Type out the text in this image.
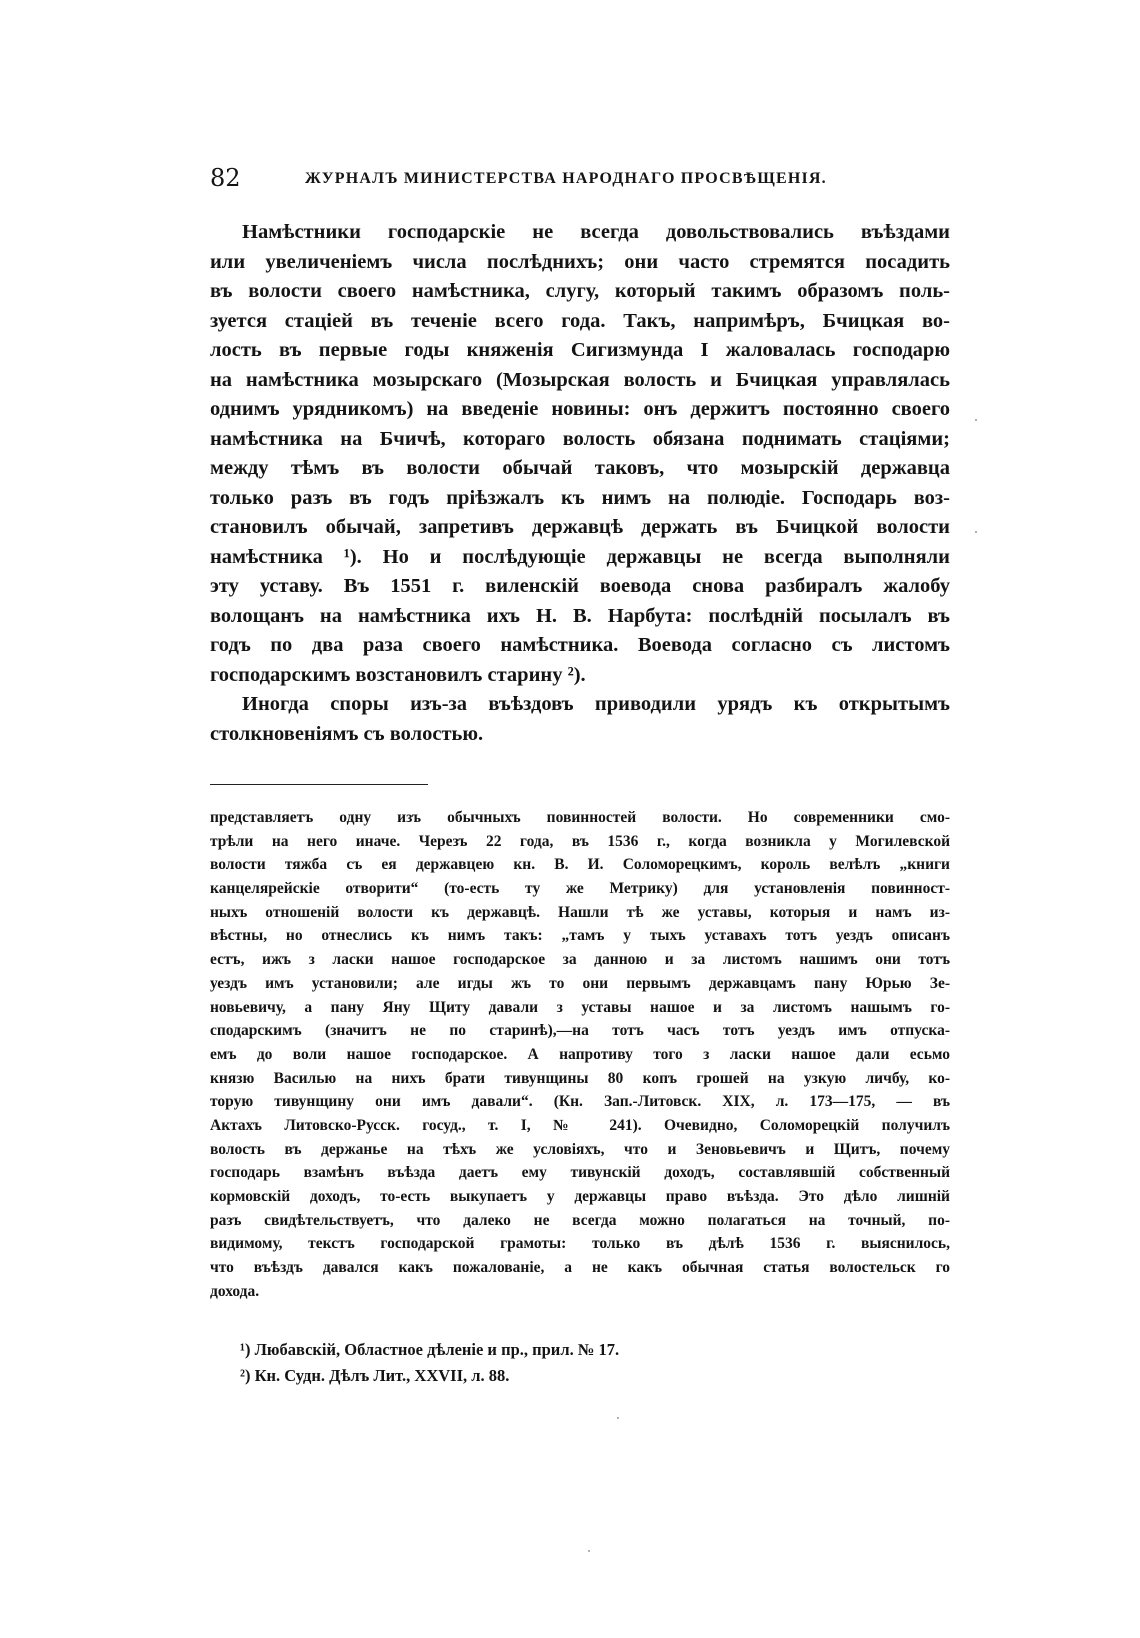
82	ЖУРНАЛЪ МИНИСТЕРСТВА НАРОДНАГО ПРОСВѢЩЕНІЯ.
Намѣстники господарскіе не всегда довольствовались въѣздами
или увеличеніемъ числа послѣднихъ; они часто стремятся посадить
въ волости своего намѣстника, слугу, который такимъ образомъ поль-
зуется стаціей въ теченіе всего года. Такъ, напримѣръ, Бчицкая во-
лость въ первые годы княженія Сигизмунда I жаловалась господарю
на намѣстника мозырскаго (Мозырская волость и Бчицкая управлялась
однимъ урядникомъ) на введеніе новины: онъ держитъ постоянно своего
намѣстника на Бчичѣ, котораго волость обязана поднимать стаціями;
между тѣмъ въ волости обычай таковъ, что мозырскій державца
только разъ въ годъ пріѣзжалъ къ нимъ на полюдіе. Господарь воз-
становилъ обычай, запретивъ державцѣ держать въ Бчицкой волости
намѣстника ¹). Но и послѣдующіе державцы не всегда выполняли
эту уставу. Въ 1551 г. виленскій воевода снова разбиралъ жалобу
волощанъ на намѣстника ихъ Н. В. Нарбута: послѣдній посылалъ въ
годъ по два раза своего намѣстника. Воевода согласно съ листомъ
господарскимъ возстановилъ старину ²).
Иногда споры изъ-за въѣздовъ приводили урядъ къ открытымъ
столкновеніямъ съ волостью.
представляетъ одну изъ обычныхъ повинностей волости. Но современники смо-
трѣли на него иначе. Черезъ 22 года, въ 1536 г., когда возникла у Могилевской
волости тяжба съ ея державцею кн. В. И. Соломорецкимъ, король велѣлъ „книги
канцелярейскіе отворити“ (то-есть ту же Метрику) для установленія повинност-
ныхъ отношеній волости къ державцѣ. Нашли тѣ же уставы, которыя и намъ из-
вѣстны, но отнеслись къ нимъ такъ: „тамъ у тыхъ уставахъ тотъ уездъ описанъ
естъ, ижъ з ласки нашое господарское за данною и за листомъ нашимъ они тотъ
уездъ имъ установили; але игды жъ то они первымъ державцамъ пану Юрью Зе-
новьевичу, а пану Яну Щиту давали з уставы нашое и за листомъ нашымъ го-
сподарскимъ (значитъ не по старинѣ),—на тотъ часъ тотъ уездъ имъ отпуска-
емъ до воли нашое господарское. А напротиву того з ласки нашое дали есьмо
князю Василью на нихъ брати тивунщины 80 копъ грошей на узкую личбу, ко-
торую тивунщину они имъ давали“. (Кн. Зап.-Литовск. XIX, л. 173—175, — въ
Актахъ Литовско-Русск. госуд., т. I, № 241). Очевидно, Соломорецкій получилъ
волость въ держанье на тѣхъ же условіяхъ, что и Зеновьевичъ и Щитъ, почему
господарь взамѣнъ въѣзда даетъ ему тивунскій доходъ, составлявшій собственный
кормовскій доходъ, то-есть выкупаетъ у державцы право въѣзда. Это дѣло лишній
разъ свидѣтельствуетъ, что далеко не всегда можно полагаться на точный, по-
видимому, текстъ господарской грамоты: только въ дѣлѣ 1536 г. выяснилось,
что въѣздъ давался какъ пожалованіе, а не какъ обычная статья волостельск го
дохода.
¹) Любавскій, Областное дѣленіе и пр., прил. № 17.
²) Кн. Судн. Дѣлъ Лит., XXVII, л. 88.
